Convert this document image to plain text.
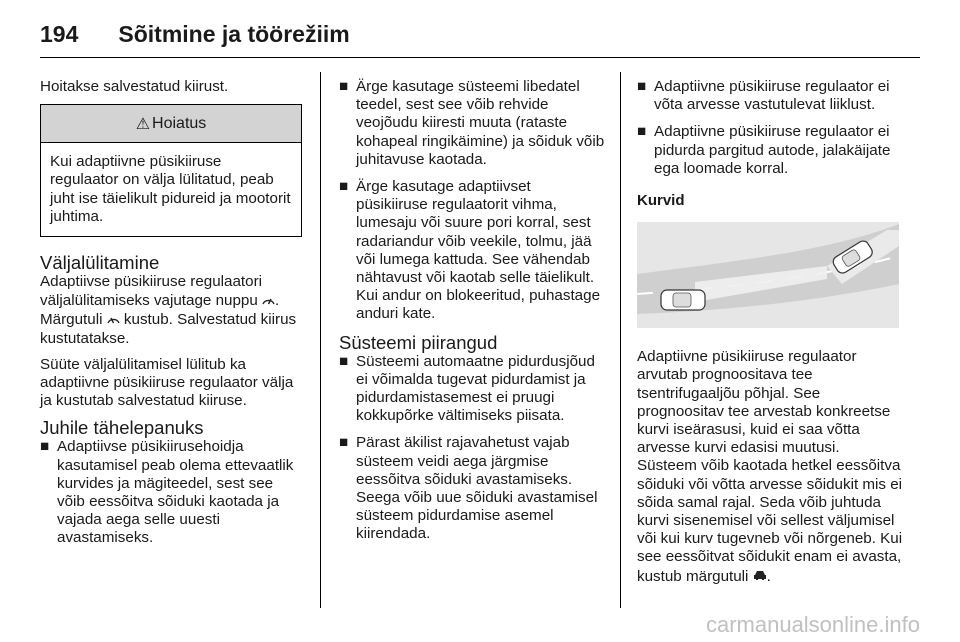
194 Sõitmine ja töörežiim

Hoitakse salvestatud kiirust.

⚠ Hoiatus
Kui adaptiivne püsikiiruse regulaator on välja lülitatud, peab juht ise täielikult pidureid ja mootorit juhtima.
Väljalülitamine

Adaptiivse püsikiiruse regulaatori väljalülitamiseks vajutage nuppu . Märgutuli  kustub. Salvestatud kiirus kustutatakse.

Süüte väljalülitamisel lülitub ka adaptiivne püsikiiruse regulaator välja ja kustutab salvestatud kiiruse.

Juhile tähelepanuks
■ Adaptiivse püsikiirusehoidja kasutamisel peab olema ettevaatlik kurvides ja mägiteedel, sest see võib eessõitva sõiduki kaotada ja vajada aega selle uuesti avastamiseks.
■ Ärge kasutage süsteemi libedatel teedel, sest see võib rehvide veojõudu kiiresti muuta (rataste kohapeal ringikäimine) ja sõiduk võib juhitavuse kaotada.
■ Ärge kasutage adaptiivset püsikiiruse regulaatorit vihma, lumesaju või suure pori korral, sest radariandur võib veekile, tolmu, jää või lumega kattuda. See vähendab nähtavust või kaotab selle täielikult. Kui andur on blokeeritud, puhastage anduri kate.
Süsteemi piirangud
■ Süsteemi automaatne pidurdusjõud ei võimalda tugevat pidurdamist ja pidurdamistasemest ei pruugi kokkupõrke vältimiseks piisata.
■ Pärast äkilist rajavahetust vajab süsteem veidi aega järgmise eessõitva sõiduki avastamiseks. Seega võib uue sõiduki avastamisel süsteem pidurdamise asemel kiirendada.
■ Adaptiivne püsikiiruse regulaator ei võta arvesse vastutulevat liiklust.
■ Adaptiivne püsikiiruse regulaator ei pidurda pargitud autode, jalakäijate ega loomade korral.
Kurvid

Adaptiivne püsikiiruse regulaator arvutab prognoositava tee tsentrifugaaljõu põhjal. See prognoositav tee arvestab konkreetse kurvi iseärasusi, kuid ei saa võtta arvesse kurvi edasisi muutusi. Süsteem võib kaotada hetkel eessõitva sõiduki või võtta arvesse sõidukit mis ei sõida samal rajal. Seda võib juhtuda kurvi sisenemisel või sellest väljumisel või kui kurv tugevneb või nõrgeneb. Kui see eessõitvat sõidukit enam ei avasta, kustub märgutuli .

carmanualsonline.info
